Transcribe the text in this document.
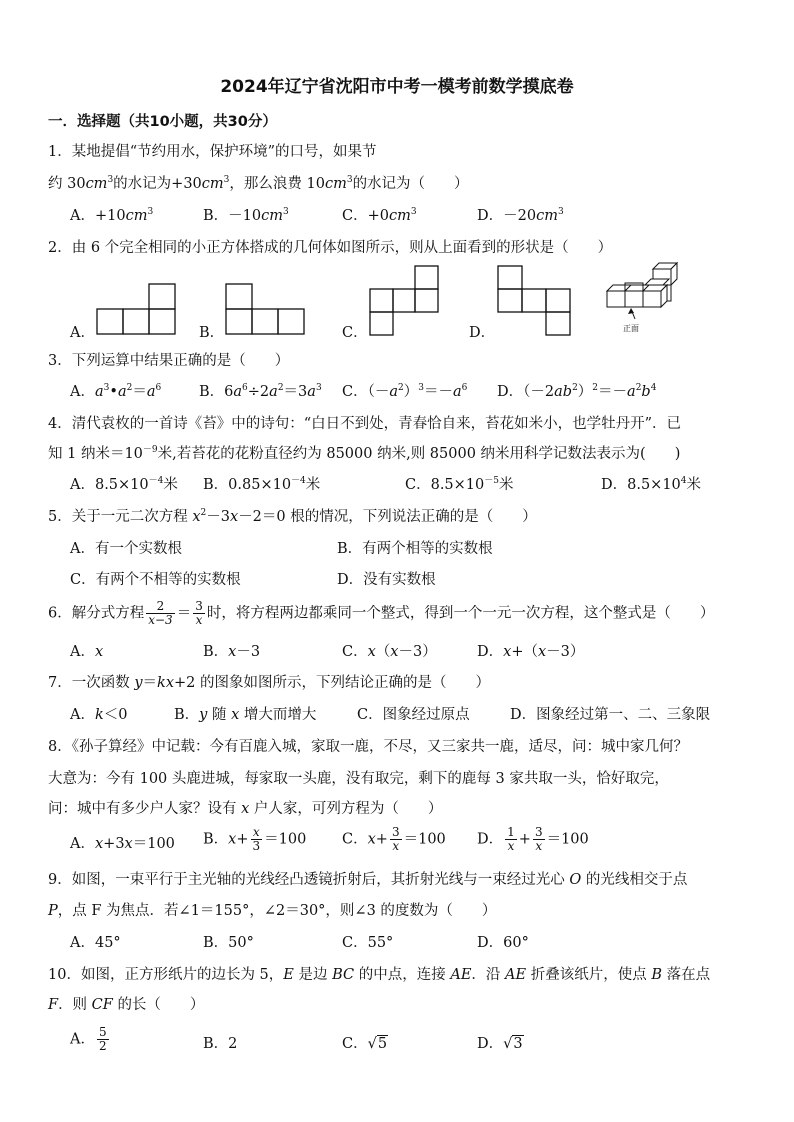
2024年辽宁省沈阳市中考一模考前数学摸底卷
一．选择题（共10小题，共30分）
1．某地提倡“节约用水，保护环境”的口号，如果节
约 $30cm^3$的水记为$+30cm^3$，那么浪费 $10cm^3$的水记为（　　）
A．$+10cm^3$	B．$-10cm^3$	C．$+0cm^3$	D．$-20cm^3$
2．由 6 个完全相同的小正方体搭成的几何体如图所示，则从上面看到的形状是（　　）
A．	B．	C．	D．	正面
3．下列运算中结果正确的是（　　）
A．$a^3•a^2=a^6$	B．$6a^6\div 2a^2=3a^3$ C．$(-a^2)^3=-a^6$ D．$(-2ab^2)^2=-a^2b^4$
4．清代袁枚的一首诗《苔》中的诗句：“白日不到处，青春恰自来，苔花如米小，也学牡丹开”．已
知 1 纳米$=10^{-9}$米,若苔花的花粉直径约为 85000 纳米,则 85000 纳米用科学记数法表示为(　　)
A．$8.5\times 10^{-4}$米 B．$0.85\times 10^{-4}$米	C．$8.5\times 10^{-5}$米	D．$8.5\times 10^4$米
5．关于一元二次方程 $x^2-3x-2=0$ 根的情况，下列说法正确的是（　　）
A．有一个实数根	B．有两个相等的实数根
C．有两个不相等的实数根	D．没有实数根
6．解分式方程 $\frac{2}{x-3} = \frac{3}{x}$ 时，将方程两边都乘同一个整式，得到一个一元一次方程，这个整式是（　　）
A．x	B．x－3	C．x（x－3）	D．x+（x－3）
7．一次函数 y＝kx+2 的图象如图所示，下列结论正确的是（　　）
A．k＜0	B．y 随 x 增大而增大	C．图象经过原点	D．图象经过第一、二、三象限
8．《孙子算经》中记载：今有百鹿入城，家取一鹿，不尽，又三家共一鹿，适尽，问：城中家几何？
大意为：今有 100 头鹿进城，每家取一头鹿，没有取完，剩下的鹿每 3 家共取一头，恰好取完，
问：城中有多少户人家？设有 x 户人家，可列方程为（　　）
A．x+3x＝100 B．$x+ \frac{x}{3} =100$ C．$x+ \frac{3}{x} =100$ D． $\frac{1}{x} + \frac{3}{x} =100$
9．如图，一束平行于主光轴的光线经凸透镜折射后，其折射光线与一束经过光心 O 的光线相交于点
P，点 F 为焦点．若∠1＝155°，∠2＝30°，则∠3 的度数为（　　）
A．45°	B．50°	C．55°	D．60°
10．如图，正方形纸片的边长为 5，E 是边 BC 的中点，连接 AE．沿 AE 折叠该纸片，使点 B 落在点
F．则 CF 的长（　　）
A． $\frac{5}{2}$	B．2	C．√5	D．√3
